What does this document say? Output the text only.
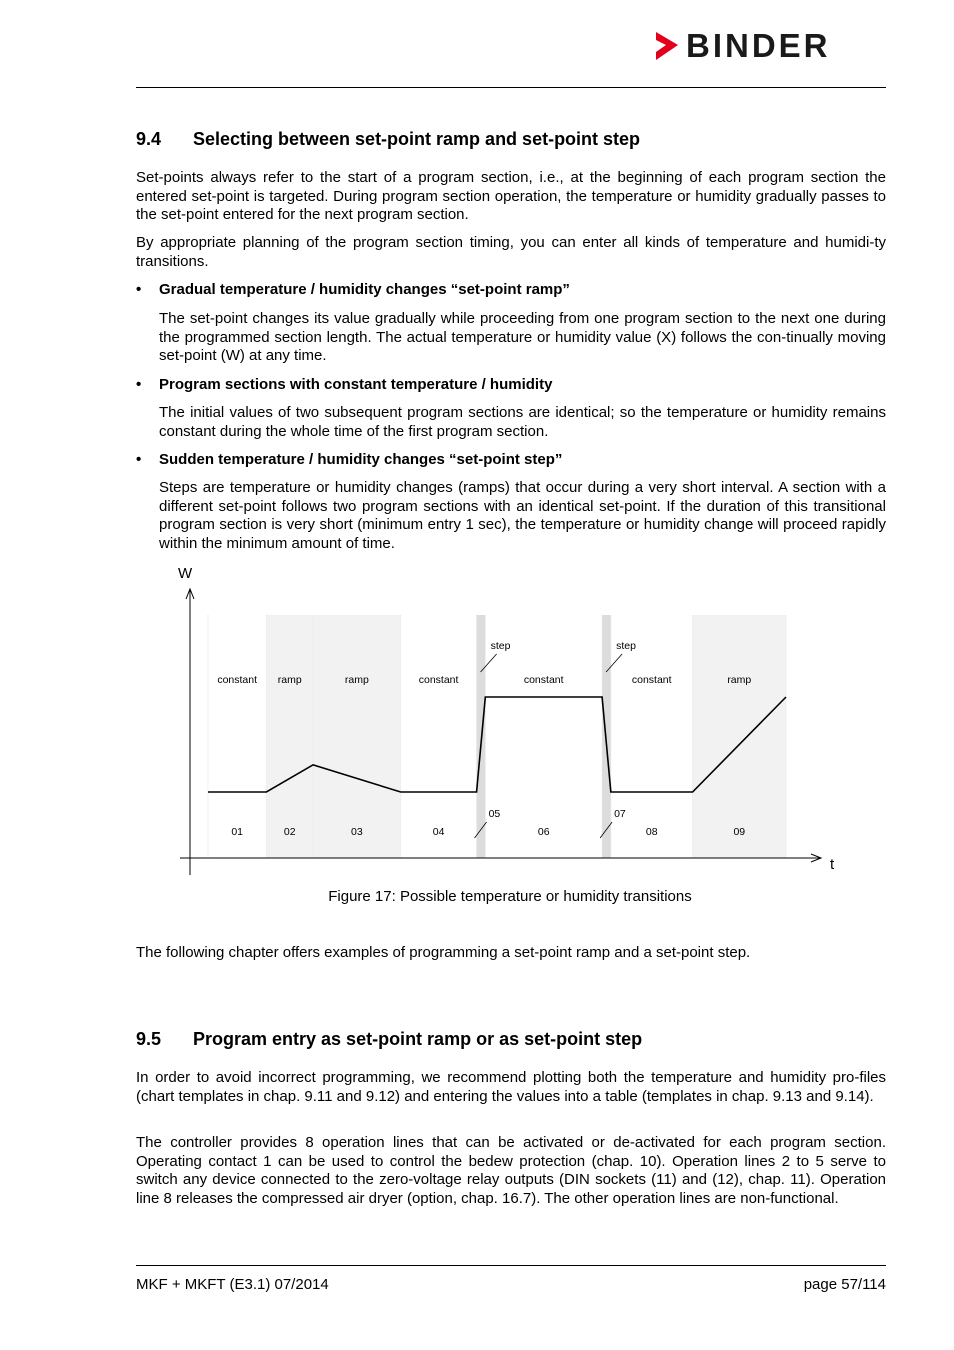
BINDER
9.4 Selecting between set-point ramp and set-point step

Set-points always refer to the start of a program section, i.e., at the beginning of each program section the entered set-point is targeted. During program section operation, the temperature or humidity gradually passes to the set-point entered for the next program section.

By appropriate planning of the program section timing, you can enter all kinds of temperature and humidi-ty transitions.

• Gradual temperature / humidity changes “set-point ramp”

The set-point changes its value gradually while proceeding from one program section to the next one during the programmed section length. The actual temperature or humidity value (X) follows the con-tinually moving set-point (W) at any time.

• Program sections with constant temperature / humidity

The initial values of two subsequent program sections are identical; so the temperature or humidity remains constant during the whole time of the first program section.

• Sudden temperature / humidity changes “set-point step”

Steps are temperature or humidity changes (ramps) that occur during a very short interval. A section with a different set-point follows two program sections with an identical set-point. If the duration of this transitional program section is very short (minimum entry 1 sec), the temperature or humidity change will proceed rapidly within the minimum amount of time.

constant
01
ramp
02
ramp
03
constant
04
step
05
constant
06
step
07
constant
08
ramp
09
W
t
Figure 17: Possible temperature or humidity transitions

The following chapter offers examples of programming a set-point ramp and a set-point step.

9.5 Program entry as set-point ramp or as set-point step

In order to avoid incorrect programming, we recommend plotting both the temperature and humidity pro-files (chart templates in chap. 9.11 and 9.12) and entering the values into a table (templates in chap. 9.13 and 9.14).

The controller provides 8 operation lines that can be activated or de-activated for each program section. Operating contact 1 can be used to control the bedew protection (chap. 10). Operation lines 2 to 5 serve to switch any device connected to the zero-voltage relay outputs (DIN sockets (11) and (12), chap. 11). Operation line 8 releases the compressed air dryer (option, chap. 16.7). The other operation lines are non-functional.

MKF + MKFT (E3.1) 07/2014	page 57/114
